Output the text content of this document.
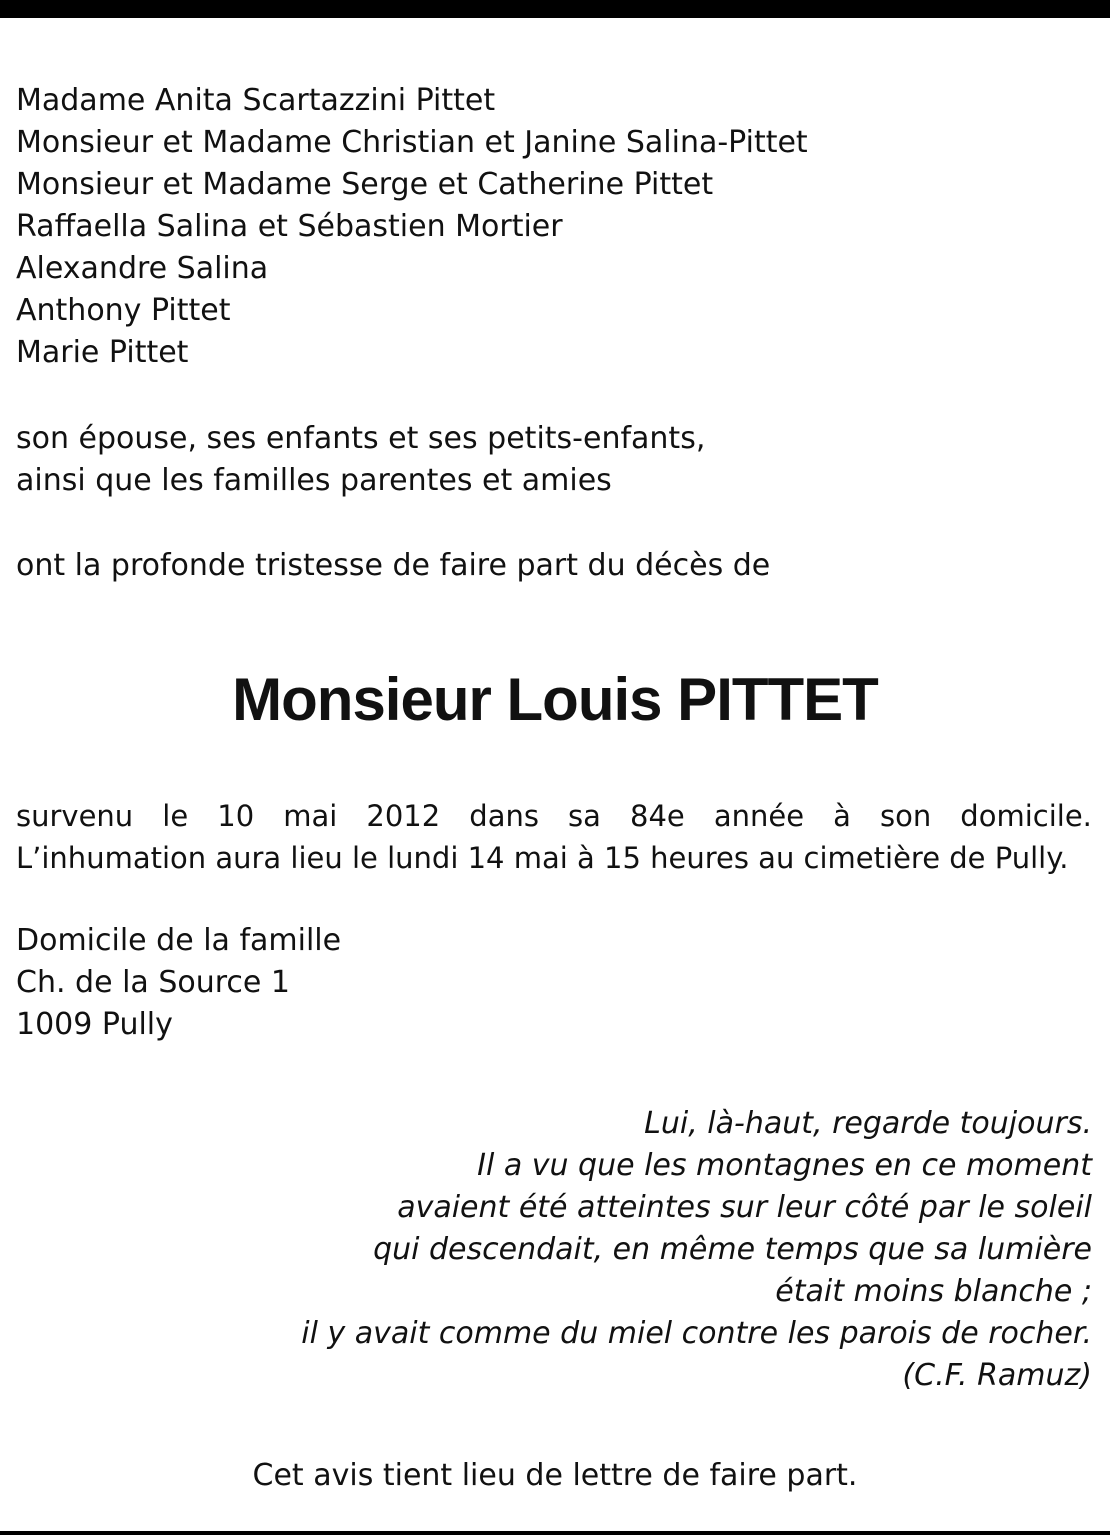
Madame Anita Scartazzini Pittet
Monsieur et Madame Christian et Janine Salina-Pittet
Monsieur et Madame Serge et Catherine Pittet
Raffaella Salina et Sébastien Mortier
Alexandre Salina
Anthony Pittet
Marie Pittet
son épouse, ses enfants et ses petits-enfants,
ainsi que les familles parentes et amies
ont la profonde tristesse de faire part du décès de
Monsieur Louis PITTET
survenu le 10 mai 2012 dans sa 84e année à son domicile.
L’inhumation aura lieu le lundi 14 mai à 15 heures au cimetière de Pully.
Domicile de la famille
Ch. de la Source 1
1009 Pully
Lui, là-haut, regarde toujours.
Il a vu que les montagnes en ce moment
avaient été atteintes sur leur côté par le soleil
qui descendait, en même temps que sa lumière
était moins blanche ;
il y avait comme du miel contre les parois de rocher.
(C.F. Ramuz)
Cet avis tient lieu de lettre de faire part.
